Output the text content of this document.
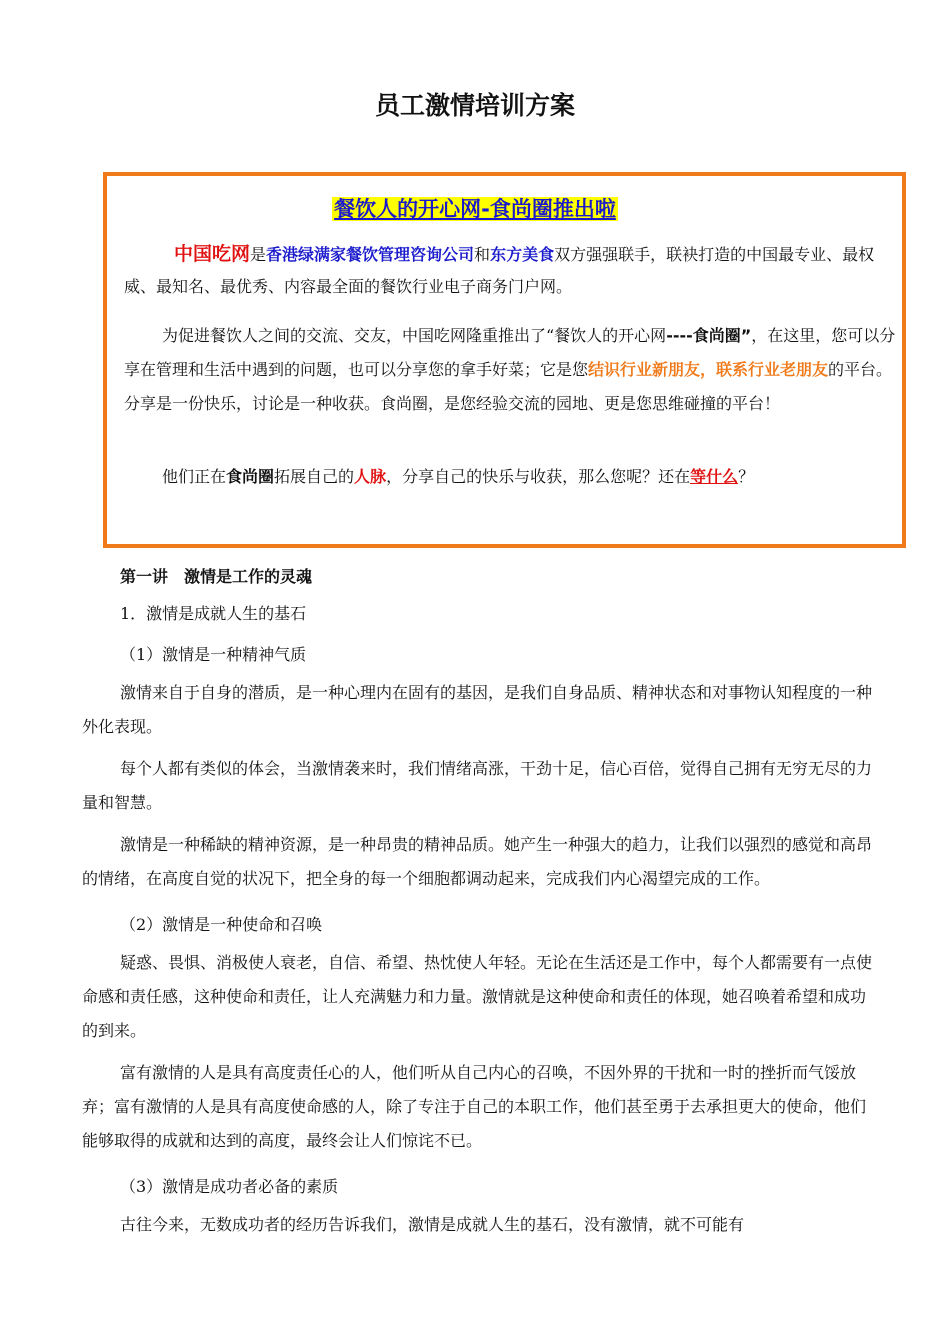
员工激情培训方案
餐饮人的开心网-食尚圈推出啦

中国吃网是香港绿满家餐饮管理咨询公司和东方美食双方强强联手，联袂打造的中国最专业、最权威、最知名、最优秀、内容最全面的餐饮行业电子商务门户网。

为促进餐饮人之间的交流、交友，中国吃网隆重推出了“餐饮人的开心网----食尚圈”，在这里，您可以分享在管理和生活中遇到的问题，也可以分享您的拿手好菜；它是您结识行业新朋友，联系行业老朋友的平台。分享是一份快乐，讨论是一种收获。食尚圈，是您经验交流的园地、更是您思维碰撞的平台！

他们正在食尚圈拓展自己的人脉，分享自己的快乐与收获，那么您呢？还在等什么？

第一讲　激情是工作的灵魂

1．激情是成就人生的基石

（1）激情是一种精神气质

激情来自于自身的潜质，是一种心理内在固有的基因，是我们自身品质、精神状态和对事物认知程度的一种外化表现。

每个人都有类似的体会，当激情袭来时，我们情绪高涨，干劲十足，信心百倍，觉得自己拥有无穷无尽的力量和智慧。

激情是一种稀缺的精神资源，是一种昂贵的精神品质。她产生一种强大的趋力，让我们以强烈的感觉和高昂的情绪，在高度自觉的状况下，把全身的每一个细胞都调动起来，完成我们内心渴望完成的工作。

（2）激情是一种使命和召唤

疑惑、畏惧、消极使人衰老，自信、希望、热忱使人年轻。无论在生活还是工作中，每个人都需要有一点使命感和责任感，这种使命和责任，让人充满魅力和力量。激情就是这种使命和责任的体现，她召唤着希望和成功的到来。

富有激情的人是具有高度责任心的人，他们听从自己内心的召唤，不因外界的干扰和一时的挫折而气馁放弃；富有激情的人是具有高度使命感的人，除了专注于自己的本职工作，他们甚至勇于去承担更大的使命，他们能够取得的成就和达到的高度，最终会让人们惊诧不已。

（3）激情是成功者必备的素质

古往今来，无数成功者的经历告诉我们，激情是成就人生的基石，没有激情，就不可能有
